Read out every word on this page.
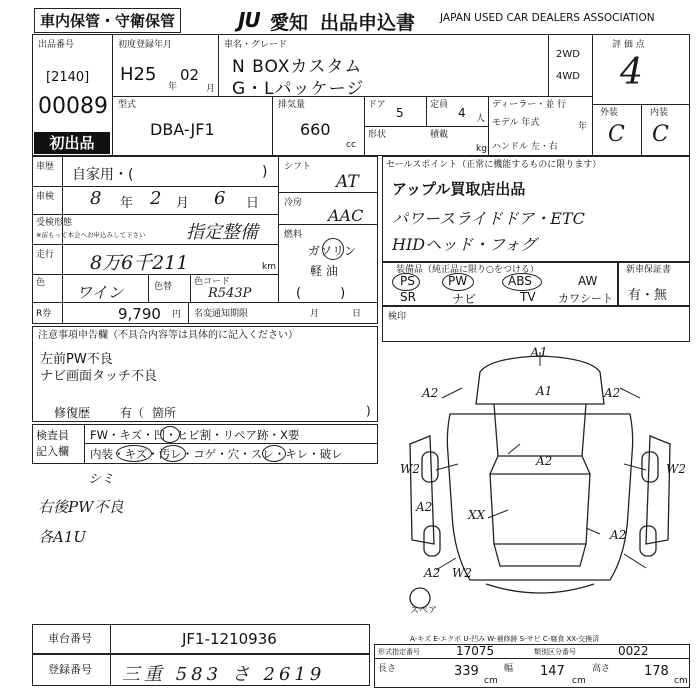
車内保管・守衛保管	JU 愛知 出品申込書 JAPAN USED CAR DEALERS ASSOCIATION
出品番号
[2140]
00089
初出品
初度登録年月
H25
年
02
月
車名・グレード
N BOXカスタム
G・Lパッケージ
2WD
4WD
評 価 点
4
外装	内装
C C
型式
DBA-JF1
排気量
660
cc
ドア
5
定員
4 人
形状	積載
kg
ディーラー・並 行
モデル 年式	年
ハンドル 左・右
車歴 自家用・(	)
車検 8 年 2 月 6 日
受検形態
※前もって本会へお申込みして下さい 指定整備
走行 8万6千211	km
色 ワイン	色替 色コード
R543P
R券	9,790 円 名変通知期限	月	日
シフト
AT
冷房
AAC
燃料
ガソリン
軽 油
(　　　)
セールスポイント（正常に機能するものに限ります）
アップル買取店出品
パワースライドドア・ETC
HIDヘッド・フォグ
装備品（純正品に限り○をつける）
PS	PW	ABS	AW
SR	ナビ	TV カワシート
新車保証書
有・無
検印
注意事項申告欄（不具合内容等は具体的に記入ください）
左前PW不良
ナビ画面タッチ不良
修復歴 有（ 箇所	)
検査員
記入欄
FW・キズ・凹・ヒビ割・リペア跡・X要
内装・キズ・汚レ・コゲ・穴・スレ・キレ・破レ
シミ
右後PW不良
各A1U
A1
A1
A2	A2
A2
W2	W2
A2
XX
A2
W2
A2
スペア
A-キズ E-エクボ U-凹み W-補修跡 S-サビ C-腐食 XX-交換済
車台番号	JF1-1210936
登録番号 三重 583 さ 2619
形式指定番号	17075	類別区分番号	0022
長さ	339
cm
幅 147
cm
高さ	178
cm
